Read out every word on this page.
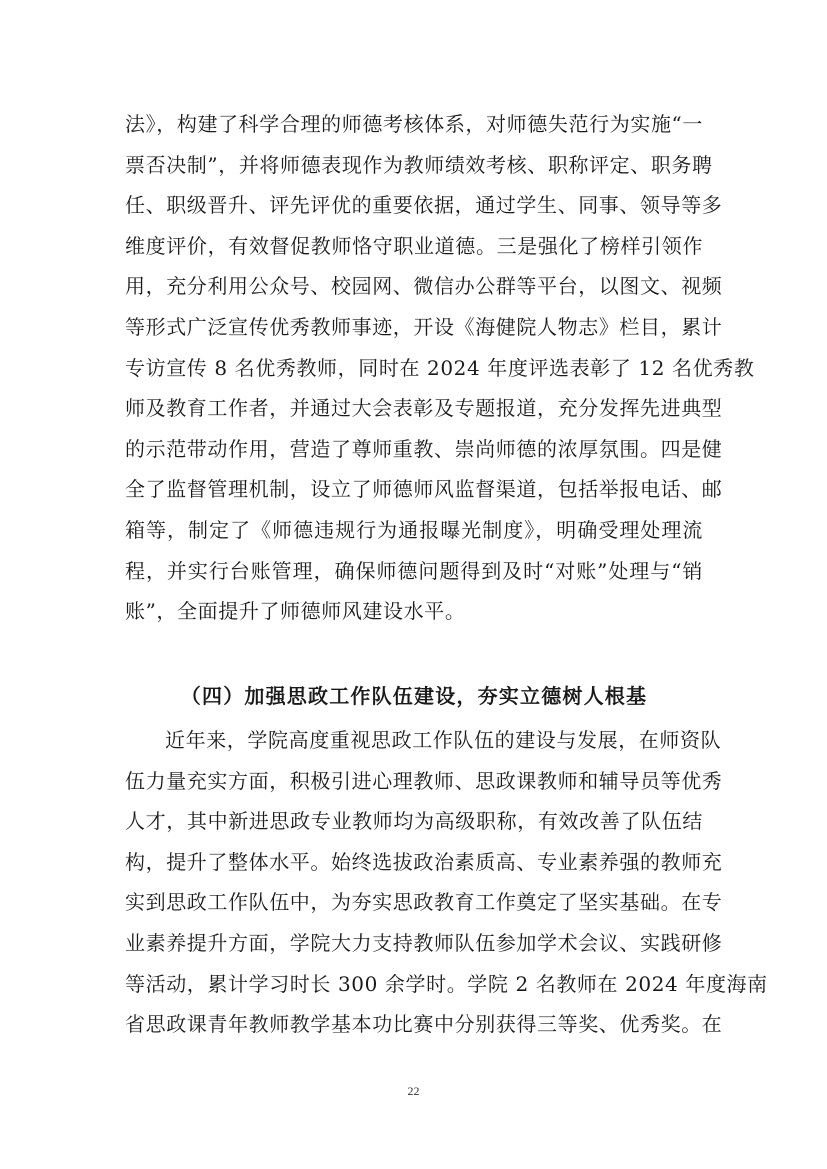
法》，构建了科学合理的师德考核体系，对师德失范行为实施“一
票否决制”，并将师德表现作为教师绩效考核、职称评定、职务聘
任、职级晋升、评先评优的重要依据，通过学生、同事、领导等多
维度评价，有效督促教师恪守职业道德。三是强化了榜样引领作
用，充分利用公众号、校园网、微信办公群等平台，以图文、视频
等形式广泛宣传优秀教师事迹，开设《海健院人物志》栏目，累计
专访宣传 8 名优秀教师，同时在 2024 年度评选表彰了 12 名优秀教
师及教育工作者，并通过大会表彰及专题报道，充分发挥先进典型
的示范带动作用，营造了尊师重教、崇尚师德的浓厚氛围。四是健
全了监督管理机制，设立了师德师风监督渠道，包括举报电话、邮
箱等，制定了《师德违规行为通报曝光制度》，明确受理处理流
程，并实行台账管理，确保师德问题得到及时“对账”处理与“销
账”，全面提升了师德师风建设水平。
（四）加强思政工作队伍建设，夯实立德树人根基
近年来，学院高度重视思政工作队伍的建设与发展，在师资队
伍力量充实方面，积极引进心理教师、思政课教师和辅导员等优秀
人才，其中新进思政专业教师均为高级职称，有效改善了队伍结
构，提升了整体水平。始终选拔政治素质高、专业素养强的教师充
实到思政工作队伍中，为夯实思政教育工作奠定了坚实基础。在专
业素养提升方面，学院大力支持教师队伍参加学术会议、实践研修
等活动，累计学习时长 300 余学时。学院 2 名教师在 2024 年度海南
省思政课青年教师教学基本功比赛中分别获得三等奖、优秀奖。在
22
